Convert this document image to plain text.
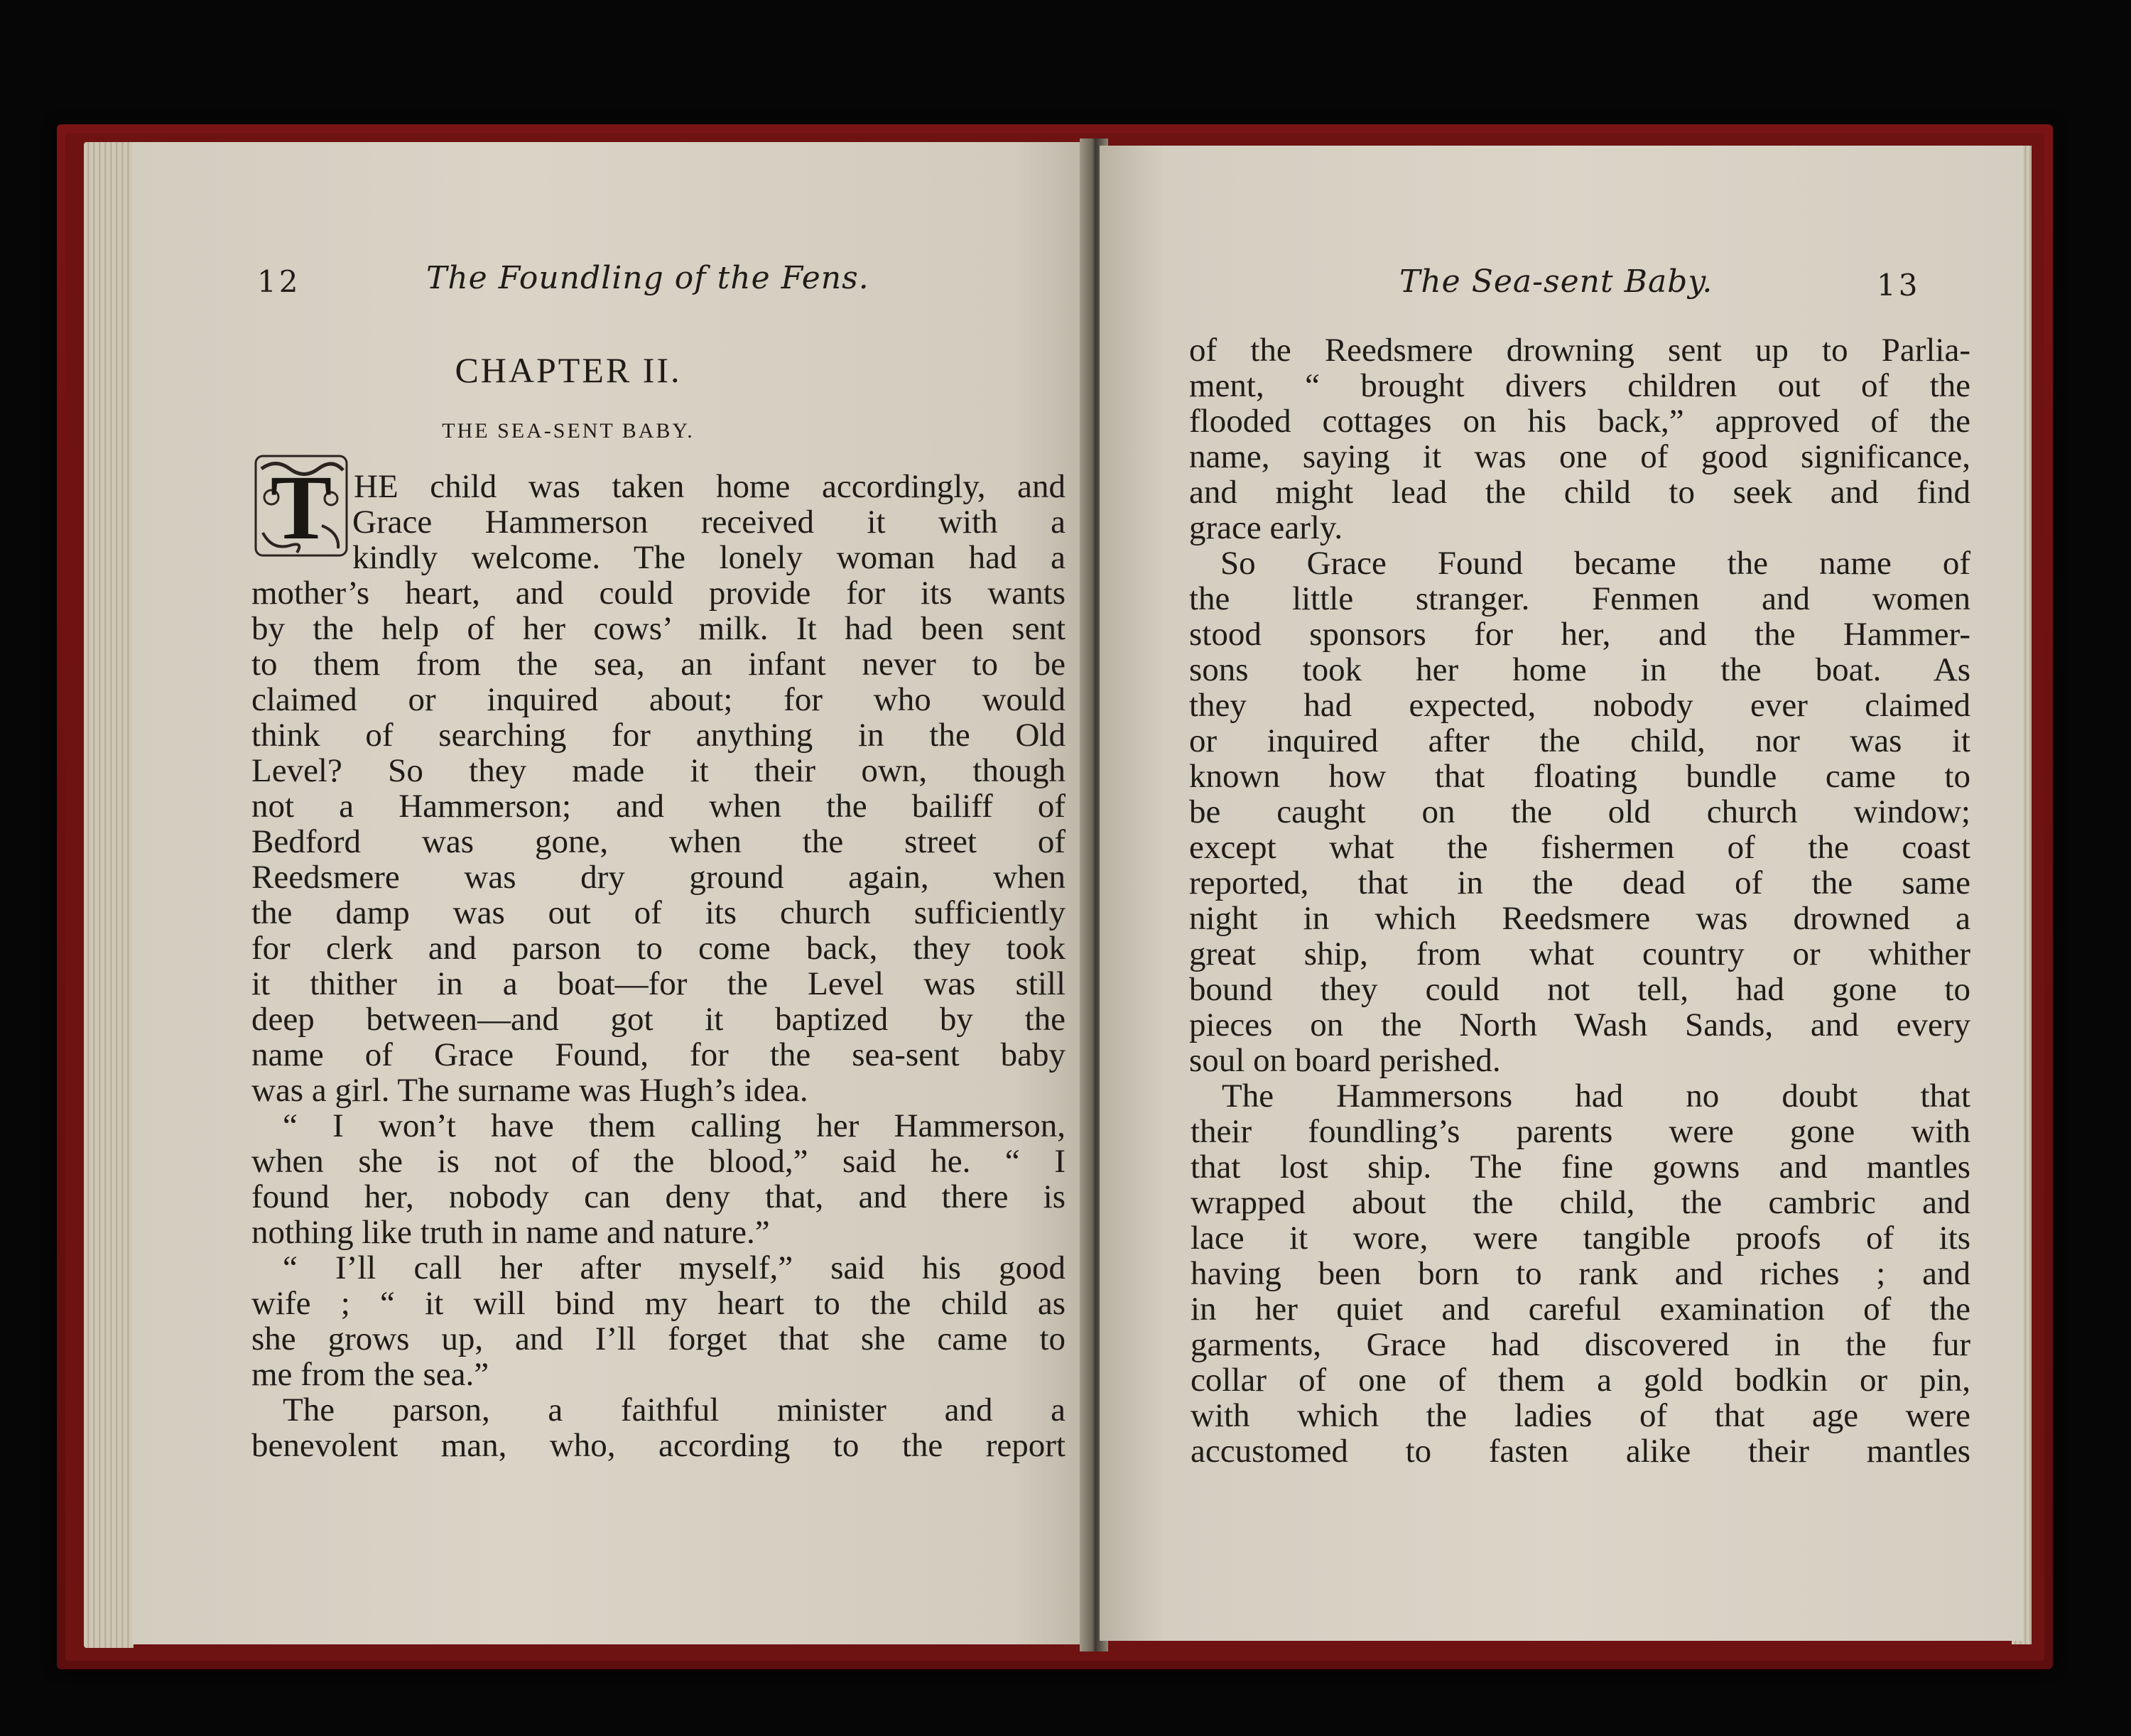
12	The Foundling of the Fens.
CHAPTER II.
THE SEA-SENT BABY.
T HE child was taken home accordingly, and
Grace Hammerson received it with a
kindly welcome. The lonely woman had a
mother’s heart, and could provide for its wants
by the help of her cows’ milk. It had been sent
to them from the sea, an infant never to be
claimed or inquired about; for who would
think of searching for anything in the Old
Level? So they made it their own, though
not a Hammerson; and when the bailiff of
Bedford was gone, when the street of
Reedsmere was dry ground again, when
the damp was out of its church sufficiently
for clerk and parson to come back, they took
it thither in a boat—for the Level was still
deep between—and got it baptized by the
name of Grace Found, for the sea-sent baby
was a girl. The surname was Hugh’s idea.
“ I won’t have them calling her Hammerson,
when she is not of the blood,” said he. “ I
found her, nobody can deny that, and there is
nothing like truth in name and nature.”
“ I’ll call her after myself,” said his good
wife ; “ it will bind my heart to the child as
she grows up, and I’ll forget that she came to
me from the sea.”
The parson, a faithful minister and a
benevolent man, who, according to the report
The Sea-sent Baby.	13
of the Reedsmere drowning sent up to Parlia-
ment, “ brought divers children out of the
flooded cottages on his back,” approved of the
name, saying it was one of good significance,
and might lead the child to seek and find
grace early.
So Grace Found became the name of
the little stranger. Fenmen and women
stood sponsors for her, and the Hammer-
sons took her home in the boat. As
they had expected, nobody ever claimed
or inquired after the child, nor was it
known how that floating bundle came to
be caught on the old church window;
except what the fishermen of the coast
reported, that in the dead of the same
night in which Reedsmere was drowned a
great ship, from what country or whither
bound they could not tell, had gone to
pieces on the North Wash Sands, and every
soul on board perished.
The Hammersons had no doubt that
their foundling’s parents were gone with
that lost ship. The fine gowns and mantles
wrapped about the child, the cambric and
lace it wore, were tangible proofs of its
having been born to rank and riches ; and
in her quiet and careful examination of the
garments, Grace had discovered in the fur
collar of one of them a gold bodkin or pin,
with which the ladies of that age were
accustomed to fasten alike their mantles
